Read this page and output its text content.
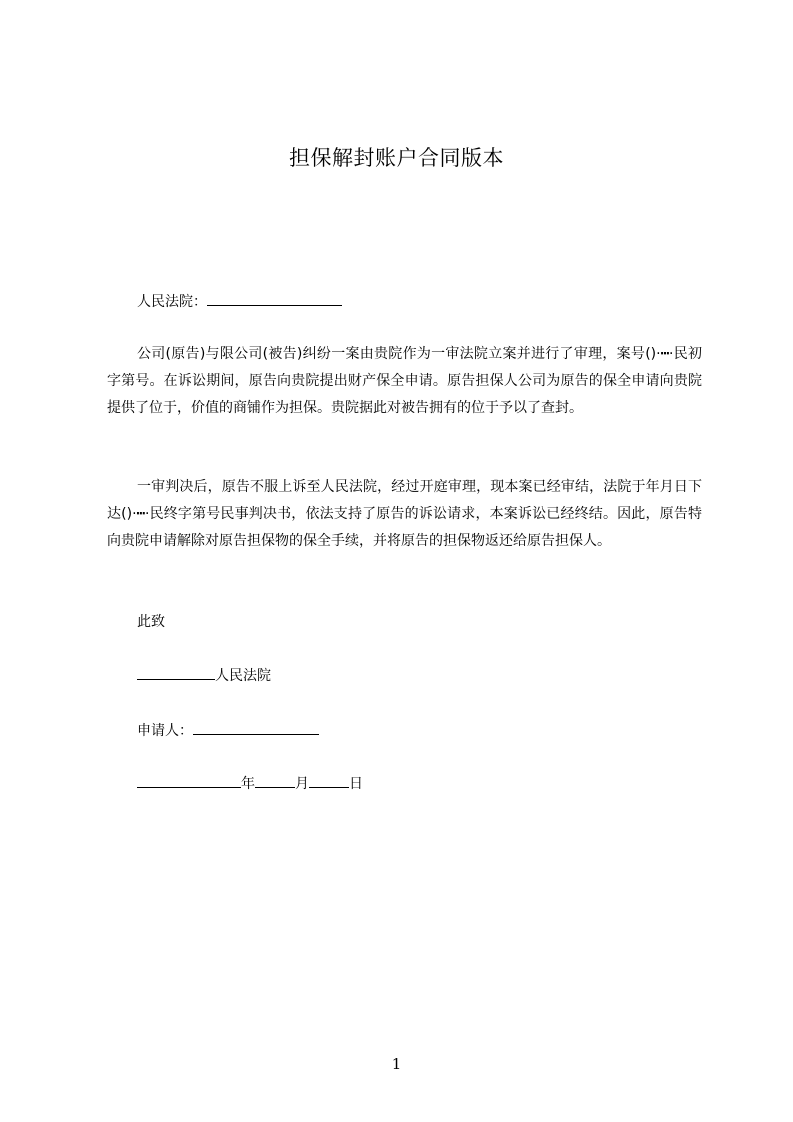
担保解封账户合同版本
人民法院：
公司(原告)与限公司(被告)纠纷一案由贵院作为一审法院立案并进行了审理，案号()·┅·民初字第号。在诉讼期间，原告向贵院提出财产保全申请。原告担保人公司为原告的保全申请向贵院提供了位于，价值的商铺作为担保。贵院据此对被告拥有的位于予以了查封。
一审判决后，原告不服上诉至人民法院，经过开庭审理，现本案已经审结，法院于年月日下达()·┅·民终字第号民事判决书，依法支持了原告的诉讼请求，本案诉讼已经终结。因此，原告特向贵院申请解除对原告担保物的保全手续，并将原告的担保物返还给原告担保人。
此致
人民法院
申请人：
年	月	日
1
